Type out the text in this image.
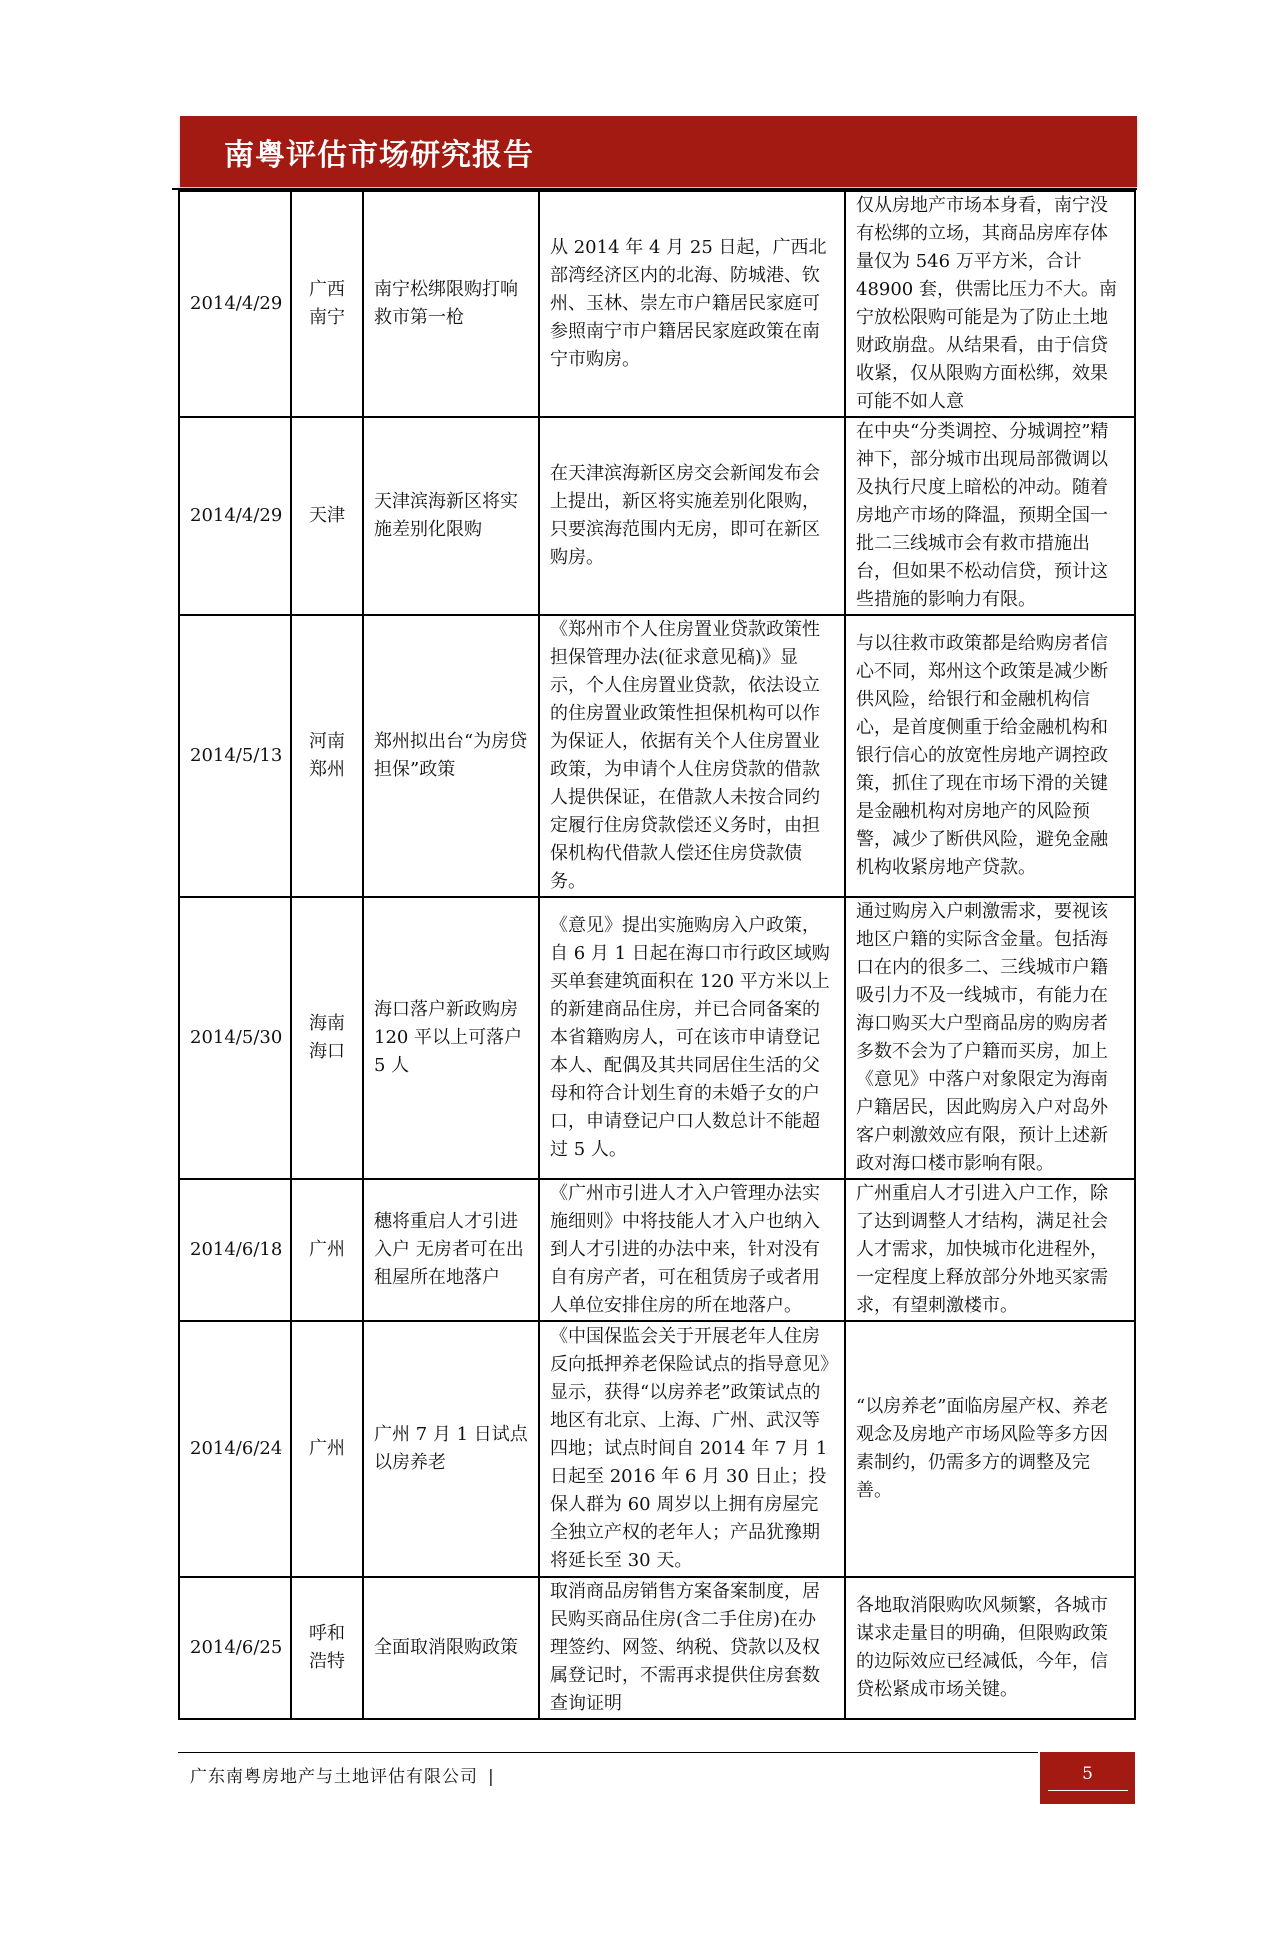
南粤评估市场研究报告
2014/4/29	广西南宁	南宁松绑限购打响救市第一枪	从 2014 年 4 月 25 日起，广西北部湾经济区内的北海、防城港、钦州、玉林、崇左市户籍居民家庭可参照南宁市户籍居民家庭政策在南宁市购房。	仅从房地产市场本身看，南宁没有松绑的立场，其商品房库存体量仅为 546 万平方米，合计 48900 套，供需比压力不大。南宁放松限购可能是为了防止土地财政崩盘。从结果看，由于信贷收紧，仅从限购方面松绑，效果可能不如人意
2014/4/29	天津	天津滨海新区将实施差别化限购	在天津滨海新区房交会新闻发布会上提出，新区将实施差别化限购，只要滨海范围内无房，即可在新区购房。	在中央“分类调控、分城调控”精神下，部分城市出现局部微调以及执行尺度上暗松的冲动。随着房地产市场的降温，预期全国一批二三线城市会有救市措施出台，但如果不松动信贷，预计这些措施的影响力有限。
2014/5/13	河南郑州	郑州拟出台“为房贷担保”政策	《郑州市个人住房置业贷款政策性担保管理办法(征求意见稿)》显示，个人住房置业贷款，依法设立的住房置业政策性担保机构可以作为保证人，依据有关个人住房置业政策，为申请个人住房贷款的借款人提供保证，在借款人未按合同约定履行住房贷款偿还义务时，由担保机构代借款人偿还住房贷款债务。	与以往救市政策都是给购房者信心不同，郑州这个政策是减少断供风险，给银行和金融机构信心，是首度侧重于给金融机构和银行信心的放宽性房地产调控政策，抓住了现在市场下滑的关键是金融机构对房地产的风险预警，减少了断供风险，避免金融机构收紧房地产贷款。
2014/5/30	海南海口	海口落户新政购房 120 平以上可落户 5 人	《意见》提出实施购房入户政策，自 6 月 1 日起在海口市行政区域购买单套建筑面积在 120 平方米以上的新建商品住房，并已合同备案的本省籍购房人，可在该市申请登记本人、配偶及其共同居住生活的父母和符合计划生育的未婚子女的户口，申请登记户口人数总计不能超过 5 人。	通过购房入户刺激需求，要视该地区户籍的实际含金量。包括海口在内的很多二、三线城市户籍吸引力不及一线城市，有能力在海口购买大户型商品房的购房者多数不会为了户籍而买房，加上《意见》中落户对象限定为海南户籍居民，因此购房入户对岛外客户刺激效应有限，预计上述新政对海口楼市影响有限。
2014/6/18	广州	穗将重启人才引进入户 无房者可在出租屋所在地落户	《广州市引进人才入户管理办法实施细则》中将技能人才入户也纳入到人才引进的办法中来，针对没有自有房产者，可在租赁房子或者用人单位安排住房的所在地落户。	广州重启人才引进入户工作，除了达到调整人才结构，满足社会人才需求，加快城市化进程外，一定程度上释放部分外地买家需求，有望刺激楼市。
2014/6/24	广州	广州 7 月 1 日试点以房养老	《中国保监会关于开展老年人住房反向抵押养老保险试点的指导意见》显示，获得“以房养老”政策试点的地区有北京、上海、广州、武汉等四地；试点时间自 2014 年 7 月 1 日起至 2016 年 6 月 30 日止；投保人群为 60 周岁以上拥有房屋完全独立产权的老年人；产品犹豫期将延长至 30 天。	“以房养老”面临房屋产权、养老观念及房地产市场风险等多方因素制约，仍需多方的调整及完善。
2014/6/25	呼和浩特	全面取消限购政策	取消商品房销售方案备案制度，居民购买商品住房(含二手住房)在办理签约、网签、纳税、贷款以及权属登记时，不需再求提供住房套数查询证明	各地取消限购吹风频繁，各城市谋求走量目的明确，但限购政策的边际效应已经减低，今年，信贷松紧成市场关键。
广东南粤房地产与土地评估有限公司 |	5
